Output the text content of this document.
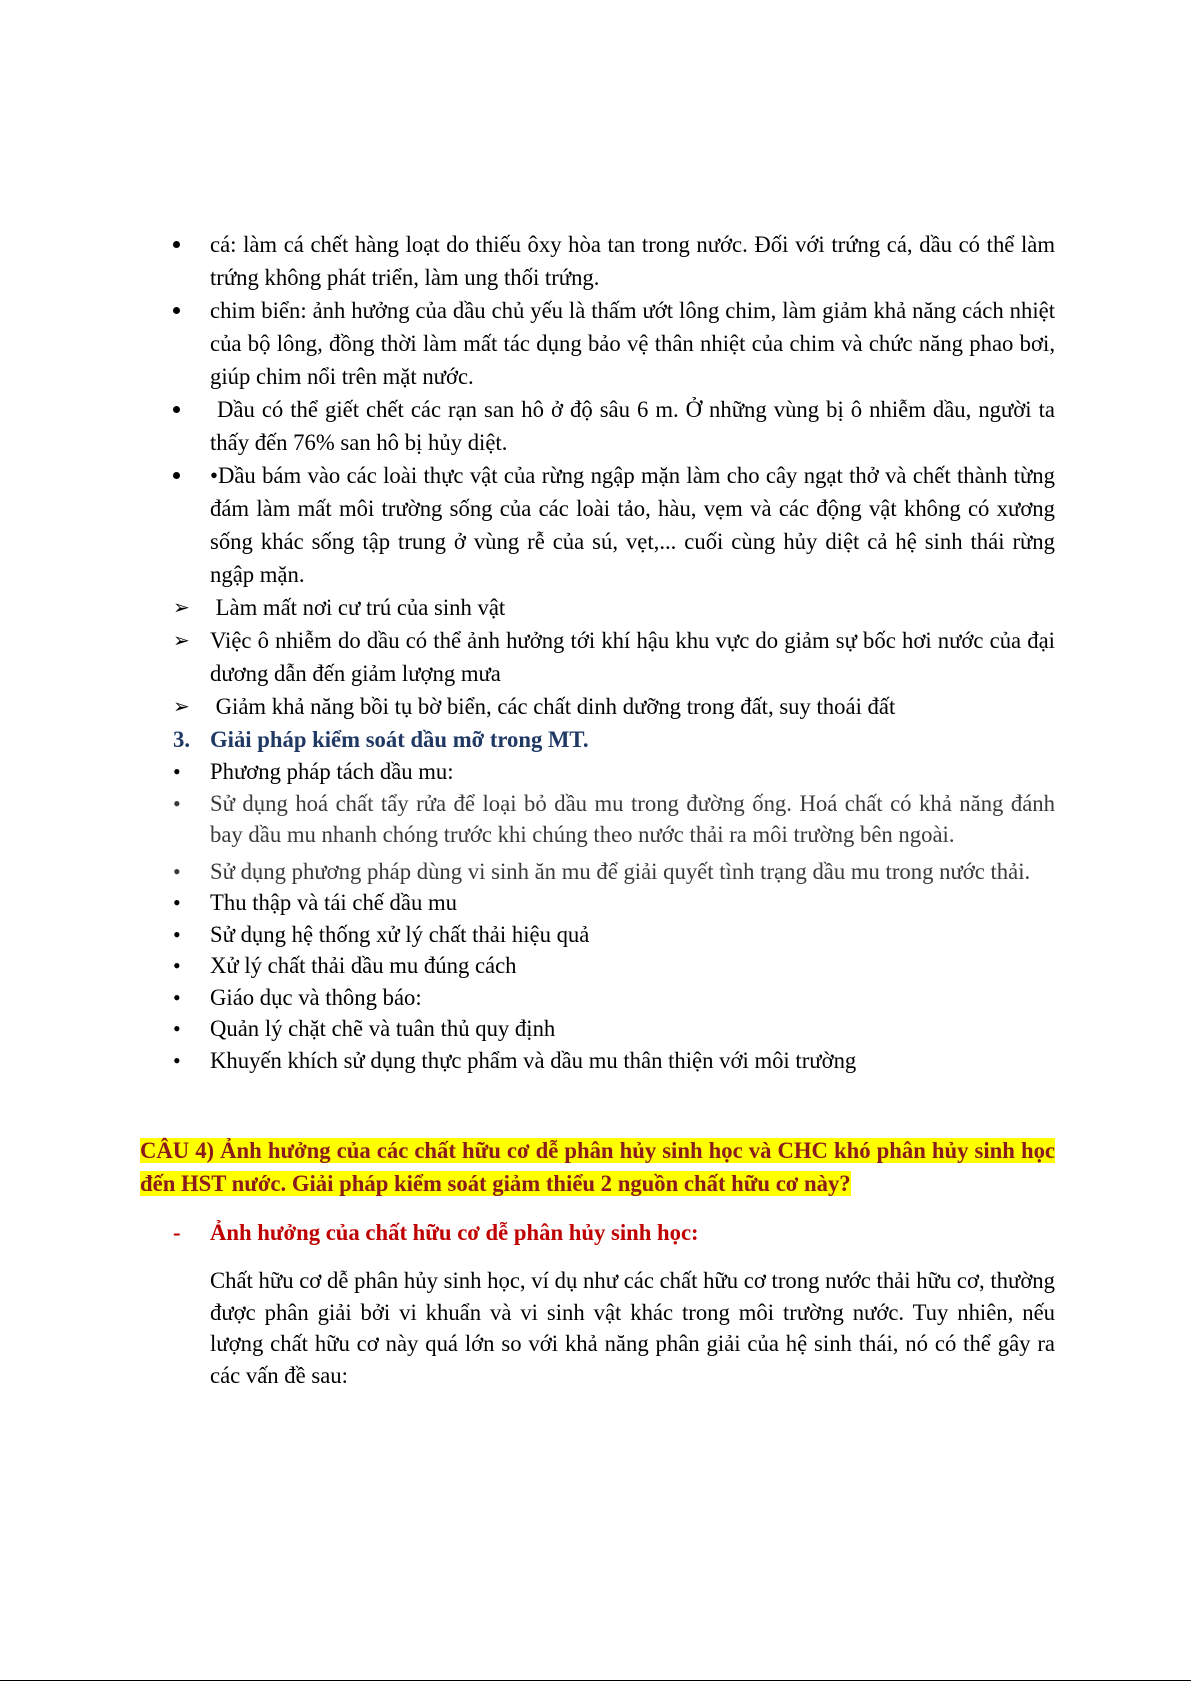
cá: làm cá chết hàng loạt do thiếu ôxy hòa tan trong nước. Đối với trứng cá, dầu có thể làm trứng không phát triển, làm ung thối trứng.

chim biển: ảnh hưởng của dầu chủ yếu là thấm ướt lông chim, làm giảm khả năng cách nhiệt của bộ lông, đồng thời làm mất tác dụng bảo vệ thân nhiệt của chim và chức năng phao bơi, giúp chim nổi trên mặt nước.

Dầu có thể giết chết các rạn san hô ở độ sâu 6 m. Ở những vùng bị ô nhiễm dầu, người ta thấy đến 76% san hô bị hủy diệt.

•Dầu bám vào các loài thực vật của rừng ngập mặn làm cho cây ngạt thở và chết thành từng đám làm mất môi trường sống của các loài tảo, hàu, vẹm và các động vật không có xương sống khác sống tập trung ở vùng rễ của sú, vẹt,... cuối cùng hủy diệt cả hệ sinh thái rừng ngập mặn.

➢ Làm mất nơi cư trú của sinh vật

➢ Việc ô nhiễm do dầu có thể ảnh hưởng tới khí hậu khu vực do giảm sự bốc hơi nước của đại dương dẫn đến giảm lượng mưa

➢ Giảm khả năng bồi tụ bờ biển, các chất dinh dưỡng trong đất, suy thoái đất

3. Giải pháp kiểm soát dầu mỡ trong MT.

•	Phương pháp tách dầu mu:

•	Sử dụng hoá chất tẩy rửa để loại bỏ dầu mu trong đường ống. Hoá chất có khả năng đánh bay dầu mu nhanh chóng trước khi chúng theo nước thải ra môi trường bên ngoài.

•	Sử dụng phương pháp dùng vi sinh ăn mu để giải quyết tình trạng dầu mu trong nước thải.

•	Thu thập và tái chế dầu mu

•	Sử dụng hệ thống xử lý chất thải hiệu quả

•	Xử lý chất thải dầu mu đúng cách

•	Giáo dục và thông báo:

•	Quản lý chặt chẽ và tuân thủ quy định

•	Khuyến khích sử dụng thực phẩm và dầu mu thân thiện với môi trường

CÂU 4) Ảnh hưởng của các chất hữu cơ dễ phân hủy sinh học và CHC khó phân hủy sinh học đến HST nước. Giải pháp kiểm soát giảm thiểu 2 nguồn chất hữu cơ này?

-	Ảnh hưởng của chất hữu cơ dễ phân hủy sinh học:

Chất hữu cơ dễ phân hủy sinh học, ví dụ như các chất hữu cơ trong nước thải hữu cơ, thường được phân giải bởi vi khuẩn và vi sinh vật khác trong môi trường nước. Tuy nhiên, nếu lượng chất hữu cơ này quá lớn so với khả năng phân giải của hệ sinh thái, nó có thể gây ra các vấn đề sau:
